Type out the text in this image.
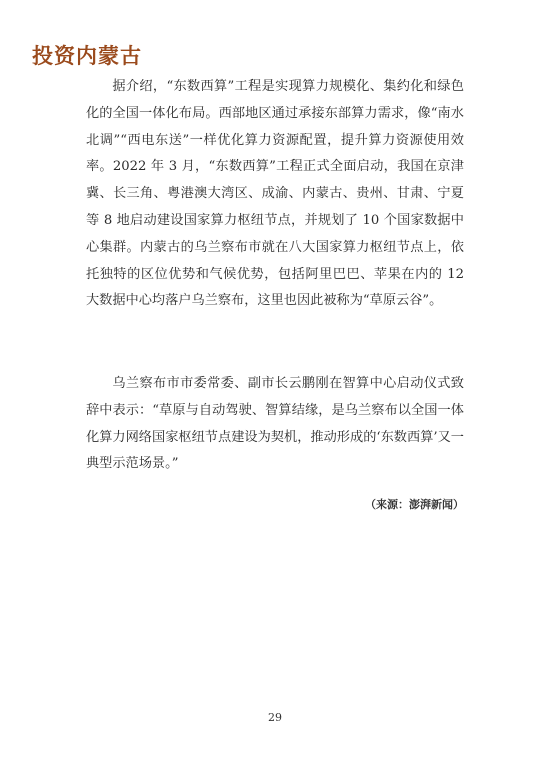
投资内蒙古

据介绍，“东数西算”工程是实现算力规模化、集约化和绿色化的全国一体化布局。西部地区通过承接东部算力需求，像“南水北调”“西电东送”一样优化算力资源配置，提升算力资源使用效率。2022 年 3 月，“东数西算”工程正式全面启动，我国在京津冀、长三角、粤港澳大湾区、成渝、内蒙古、贵州、甘肃、宁夏等 8 地启动建设国家算力枢纽节点，并规划了 10 个国家数据中心集群。内蒙古的乌兰察布市就在八大国家算力枢纽节点上，依托独特的区位优势和气候优势，包括阿里巴巴、苹果在内的 12 大数据中心均落户乌兰察布，这里也因此被称为“草原云谷”。

乌兰察布市市委常委、副市长云鹏刚在智算中心启动仪式致辞中表示：“草原与自动驾驶、智算结缘，是乌兰察布以全国一体化算力网络国家枢纽节点建设为契机，推动形成的‘东数西算’又一典型示范场景。”

（来源：澎湃新闻）
29
